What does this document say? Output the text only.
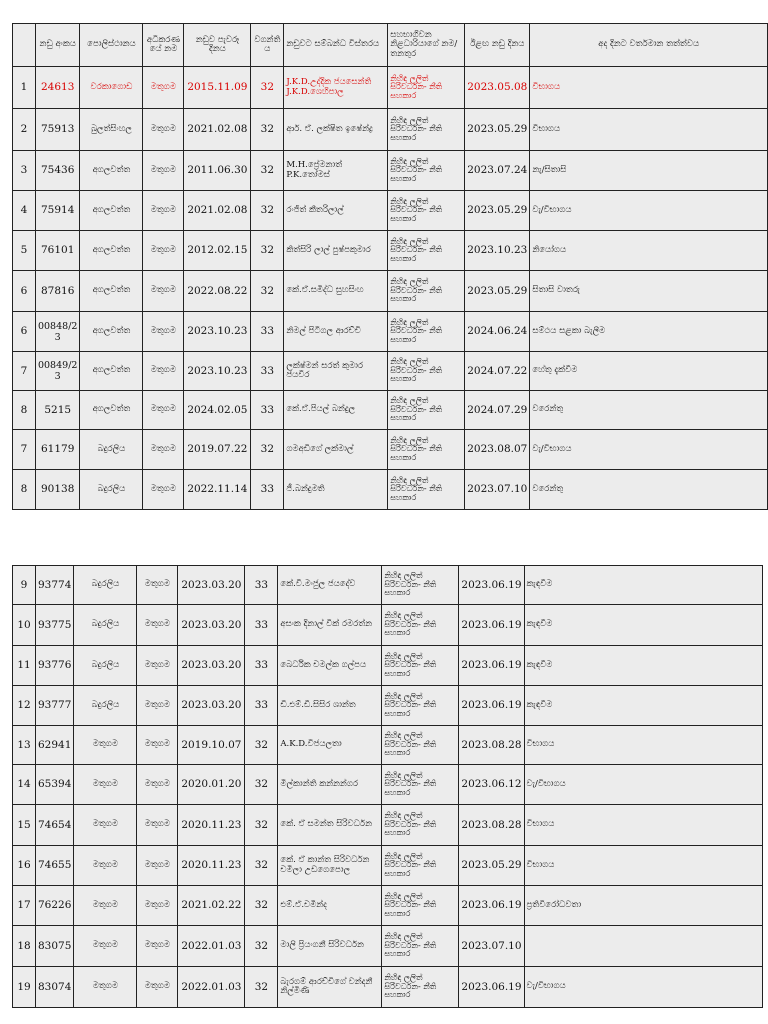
	නඩු අංකය	පොලිස්ථානය	අධිකරණ යේ නම	නඩුව පැවරූ දිනය	වගන්ති ය	නඩුවට සම්බන්ධ විස්තරය	සහභාගිවන නිළධාරියාගේ නම/ තනතුර	ඊළඟ නඩු දිනය	අද දිනට වර්තමාන තත්ත්වය
1	24613	වරකාගොඩ	මතුගම	2015.11.09	32	J.K.D.උද්දික ජයසෙන්ති J.K.D.ශෙහිපාල	නිහිඳ ලලිත් සිරිවර්ධන- නීති සහකාර	2023.05.08	විභාගය
2	75913	බුලත්සිංහල	මතුගම	2021.02.08	32	ආර්. ඒ. ලක්ෂිත ඉෂේන්ද්‍ර	නිහිඳ ලලිත් සිරිවර්ධන- නීති සහකාර	2023.05.29	විභාගය
3	75436	අගලවත්ත	මතුගම	2011.06.30	32	M.H.ප්‍රේමනාත් P.K.තෝමස්	නිහිඳ ලලිත් සිරිවර්ධන- නීති සහකාර	2023.07.24	නැ/සිතාසි
4	75914	අගලවත්ත	මතුගම	2021.02.08	32	රංජිත් කීතරිලාල්	නිහිඳ ලලිත් සිරිවර්ධන- නීති සහකාර	2023.05.29	වැ/විභාගය
5	76101	අගලවත්ත	මතුගම	2012.02.15	32	කිත්සිරි ලාල් පුෂ්පකුමාර	නිහිඳ ලලිත් සිරිවර්ධන- නීති සහකාර	2023.10.23	නියෝගය
6	87816	අගලවත්ත	මතුගම	2022.08.22	32	කේ.ඒ.සමිද්ධ සුහසිංහ	නිහිඳ ලලිත් සිරිවර්ධන- නීති සහකාර	2023.05.29	සිතාසි වාතරු
6	00848/2 3	අගලවත්ත	මතුගම	2023.10.23	33	නිමල් පිටිගල ආරච්චි	නිහිඳ ලලිත් සිරිවර්ධන- නීති සහකාර	2024.06.24	සම්ථය සළකා බැලීම
7	00849/2 3	අගලවත්ත	මතුගම	2023.10.23	33	ලක්ෂ්මන් සරත් කුමාර ජයවීර	නිහිඳ ලලිත් සිරිවර්ධන- නීති සහකාර	2024.07.22	හේතු දැක්වීම
8	5215	අගලවත්ත	මතුගම	2024.02.05	33	කේ.ඒ.පියල් බන්දුල	නිහිඳ ලලිත් සිරිවර්ධන- නීති සහකාර	2024.07.29	වරෙන්තු
7	61179	බදුරලිය	මතුගම	2019.07.22	32	ගමඅඩිගේ ලක්මාල්	නිහිඳ ලලිත් සිරිවර්ධන- නීති සහකාර	2023.08.07	වැ/විභාගය
8	90138	බදුරලිය	මතුගම	2022.11.14	33	ජී.බන්දුමති	නිහිඳ ලලිත් සිරිවර්ධන- නීති සහකාර	2023.07.10	වරෙන්තු
9	93774	බදුරලිය	මතුගම	2023.03.20	33	කේ.වී.මංජුල ජයදේව	නිහිඳ ලලිත් සිරිවර්ධන- නීති සහකාර	2023.06.19	කැඳවීම
10	93775	බදුරලිය	මතුගම	2023.03.20	33	අසංක දිනාල් වික් රමරත්න	නිහිඳ ලලිත් සිරිවර්ධන- නීති සහකාර	2023.06.19	කැඳවීම
11	93776	බදුරලිය	මතුගම	2023.03.20	33	බෙර්ධික චමල්ක ගල්පය	නිහිඳ ලලිත් සිරිවර්ධන- නීති සහකාර	2023.06.19	කැඳවීම
12	93777	බදුරලිය	මතුගම	2023.03.20	33	ඩී.එම්.ඩී.සිසිර ශාන්ත	නිහිඳ ලලිත් සිරිවර්ධන- නීති සහකාර	2023.06.19	කැඳවීම
13	62941	මතුගම	මතුගම	2019.10.07	32	A.K.D.විජයලතා	නිහිඳ ලලිත් සිරිවර්ධන- නීති සහකාර	2023.08.28	විභාගය
14	65394	මතුගම	මතුගම	2020.01.20	32	මිල්කාන්ති කන්නන්ගර	නිහිඳ ලලිත් සිරිවර්ධන- නීති සහකාර	2023.06.12	වැ/විභාගය
15	74654	මතුගම	මතුගම	2020.11.23	32	කේ. ඒ සමන්ත සිරිවර්ධන	නිහිඳ ලලිත් සිරිවර්ධන- නීති සහකාර	2023.08.28	විභාගය
16	74655	මතුගම	මතුගම	2020.11.23	32	කේ. ඒ කාන්ත සිරිවර්ධන චමිලා උඩගෙපොල	නිහිඳ ලලිත් සිරිවර්ධන- නීති සහකාර	2023.05.29	විභාගය
17	76226	මතුගම	මතුගම	2021.02.22	32	එම්.ඒ.චමින්ද	නිහිඳ ලලිත් සිරිවර්ධන- නීති සහකාර	2023.06.19	ප්‍රතිවිරෝධවතා
18	83075	මතුගම	මතුගම	2022.01.03	32	මාලි ප්‍රියංගනී සිරිවර්ධන	නිහිඳ ලලිත් සිරිවර්ධන- නීති සහකාර	2023.07.10	
19	83074	මතුගම	මතුගම	2022.01.03	32	බැරගම් ආරච්චිගේ වන්දනී නිල්මිණි	නිහිඳ ලලිත් සිරිවර්ධන- නීති සහකාර	2023.06.19	වැ/විභාගය
